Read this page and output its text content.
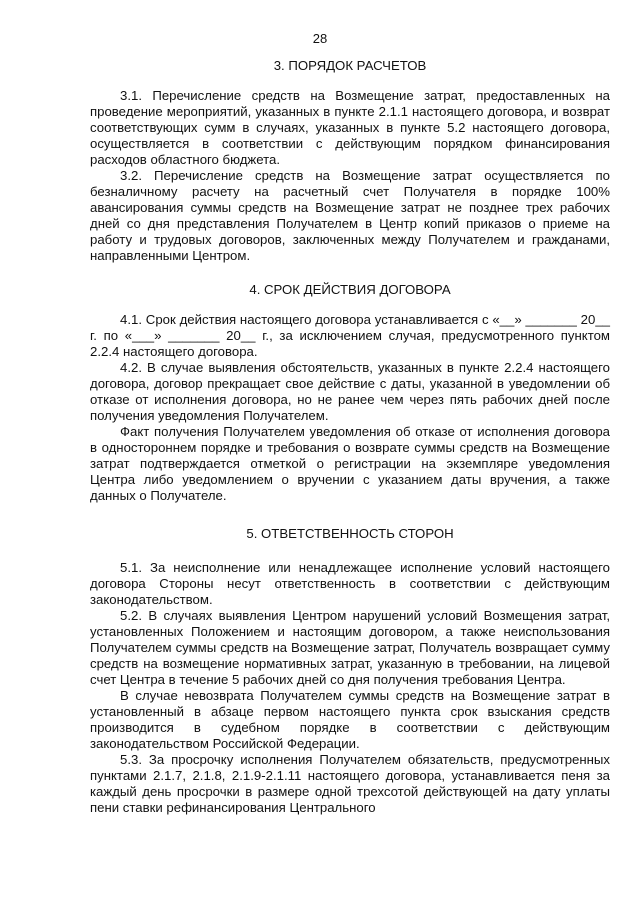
28
3. ПОРЯДОК РАСЧЕТОВ

3.1. Перечисление средств на Возмещение затрат, предоставленных на проведение мероприятий, указанных в пункте 2.1.1 настоящего договора, и возврат соответствующих сумм в случаях, указанных в пункте 5.2 настоящего договора, осуществляется в соответствии с действующим порядком финансирования расходов областного бюджета.

3.2. Перечисление средств на Возмещение затрат осуществляется по безналичному расчету на расчетный счет Получателя в порядке 100% авансирования суммы средств на Возмещение затрат не позднее трех рабочих дней со дня представления Получателем в Центр копий приказов о приеме на работу и трудовых договоров, заключенных между Получателем и гражданами, направленными Центром.

4. СРОК ДЕЙСТВИЯ ДОГОВОРА

4.1. Срок действия настоящего договора устанавливается с «__» _______ 20__ г. по «___» _______ 20__ г., за исключением случая, предусмотренного пунктом 2.2.4 настоящего договора.

4.2. В случае выявления обстоятельств, указанных в пункте 2.2.4 настоящего договора, договор прекращает свое действие с даты, указанной в уведомлении об отказе от исполнения договора, но не ранее чем через пять рабочих дней после получения уведомления Получателем.

Факт получения Получателем уведомления об отказе от исполнения договора в одностороннем порядке и требования о возврате суммы средств на Возмещение затрат подтверждается отметкой о регистрации на экземпляре уведомления Центра либо уведомлением о вручении с указанием даты вручения, а также данных о Получателе.

5. ОТВЕТСТВЕННОСТЬ СТОРОН

5.1. За неисполнение или ненадлежащее исполнение условий настоящего договора Стороны несут ответственность в соответствии с действующим законодательством.

5.2. В случаях выявления Центром нарушений условий Возмещения затрат, установленных Положением и настоящим договором, а также неиспользования Получателем суммы средств на Возмещение затрат, Получатель возвращает сумму средств на возмещение нормативных затрат, указанную в требовании, на лицевой счет Центра в течение 5 рабочих дней со дня получения требования Центра.

В случае невозврата Получателем суммы средств на Возмещение затрат в установленный в абзаце первом настоящего пункта срок взыскания средств производится в судебном порядке в соответствии с действующим законодательством Российской Федерации.

5.3. За просрочку исполнения Получателем обязательств, предусмотренных пунктами 2.1.7, 2.1.8, 2.1.9-2.1.11 настоящего договора, устанавливается пеня за каждый день просрочки в размере одной трехсотой действующей на дату уплаты пени ставки рефинансирования Центрального
